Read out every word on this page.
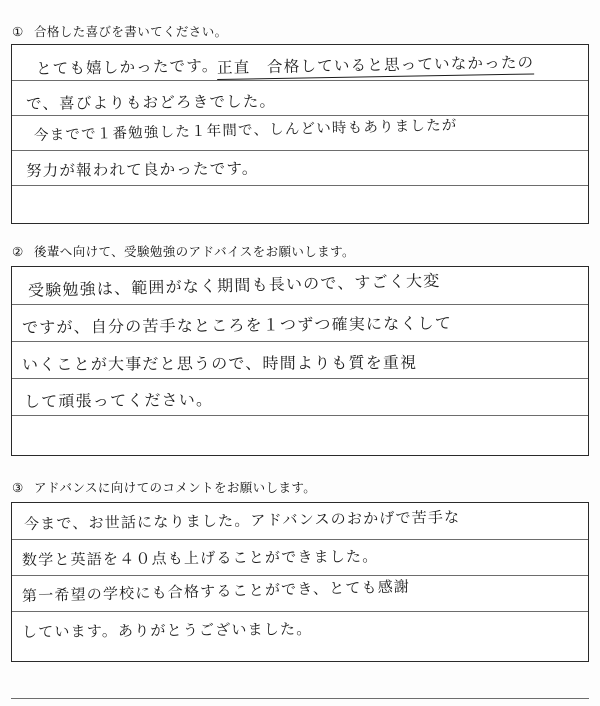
① 合格した喜びを書いてください。
とても嬉しかったです。
正直　合格していると思っていなかったの
で、喜びよりもおどろきでした。
今までで１番勉強した１年間で、しんどい時もありましたが
努力が報われて良かったです。
② 後輩へ向けて、受験勉強のアドバイスをお願いします。
受験勉強は、範囲がなく期間も長いので、すごく大変
ですが、自分の苦手なところを１つずつ確実になくして
いくことが大事だと思うので、時間よりも質を重視
して頑張ってください。
③ アドバンスに向けてのコメントをお願いします。
今まで、お世話になりました。アドバンスのおかげで苦手な
数学と英語を４０点も上げることができました。
第一希望の学校にも合格することができ、とても感謝
しています。ありがとうございました。
